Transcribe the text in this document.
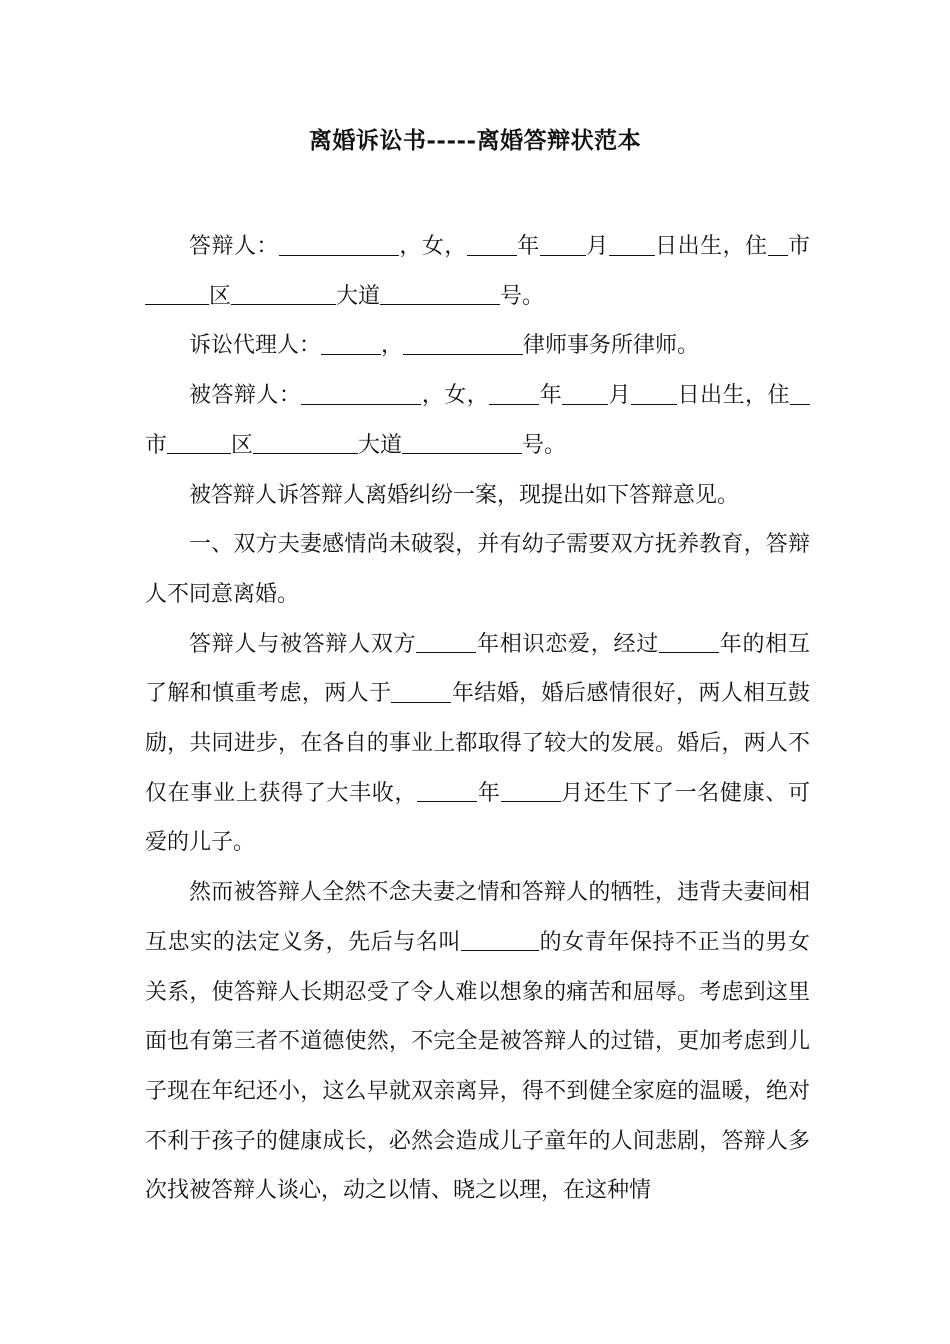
离婚诉讼书-----离婚答辩状范本

答辩人：	，女， 年 月 日出生，住 市区	大道	号。

诉讼代理人：	，	律师事务所律师。

被答辩人：	，女， 年 月 日出生，住市	区	大道	号。

被答辩人诉答辩人离婚纠纷一案，现提出如下答辩意见。

一、双方夫妻感情尚未破裂，并有幼子需要双方抚养教育，答辩人不同意离婚。

答辩人与被答辩人双方	年相识恋爱，经过	年的相互了解和慎重考虑，两人于	年结婚，婚后感情很好，两人相互鼓励，共同进步，在各自的事业上都取得了较大的发展。婚后，两人不仅在事业上获得了大丰收，	年	月还生下了一名健康、可爱的儿子。

然而被答辩人全然不念夫妻之情和答辩人的牺牲，违背夫妻间相互忠实的法定义务，先后与名叫	的女青年保持不正当的男女关系，使答辩人长期忍受了令人难以想象的痛苦和屈辱。考虑到这里面也有第三者不道德使然，不完全是被答辩人的过错，更加考虑到儿子现在年纪还小，这么早就双亲离异，得不到健全家庭的温暖，绝对不利于孩子的健康成长，必然会造成儿子童年的人间悲剧，答辩人多次找被答辩人谈心，动之以情、晓之以理，在这种情
